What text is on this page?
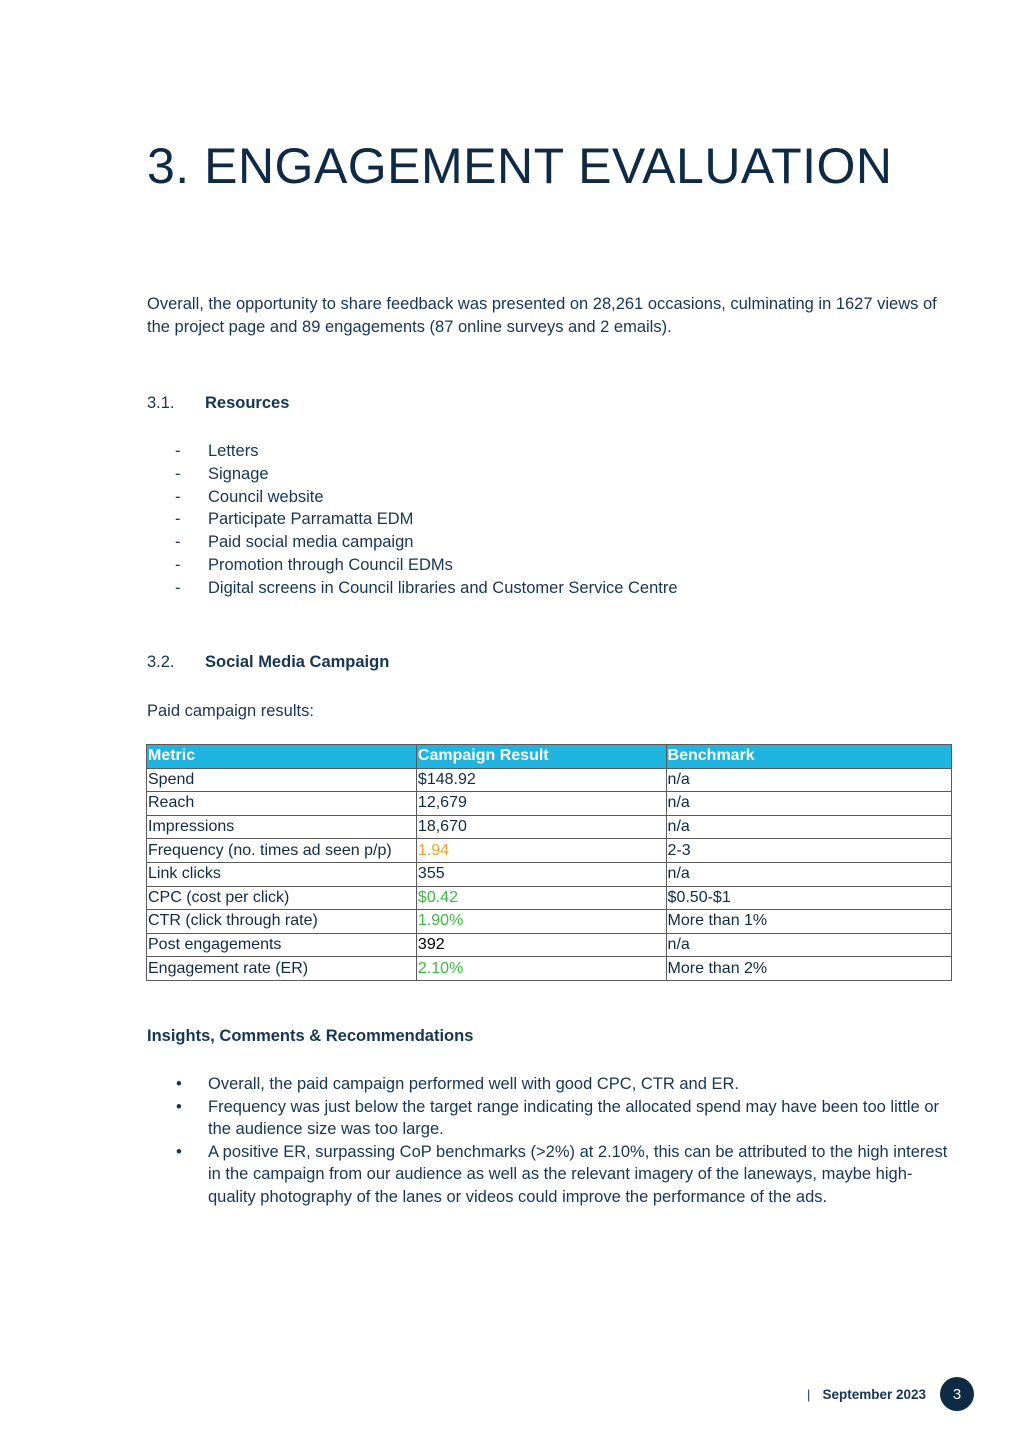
3. ENGAGEMENT EVALUATION

Overall, the opportunity to share feedback was presented on 28,261 occasions, culminating in 1627 views of the project page and 89 engagements (87 online surveys and 2 emails).

3.1. Resources
- Letters
- Signage
- Council website
- Participate Parramatta EDM
- Paid social media campaign
- Promotion through Council EDMs
- Digital screens in Council libraries and Customer Service Centre
3.2. Social Media Campaign

Paid campaign results:

Metric	Campaign Result	Benchmark
Spend	$148.92	n/a
Reach	12,679	n/a
Impressions	18,670	n/a
Frequency (no. times ad seen p/p)	1.94	2-3
Link clicks	355	n/a
CPC (cost per click)	$0.42	$0.50-$1
CTR (click through rate)	1.90%	More than 1%
Post engagements	392	n/a
Engagement rate (ER)	2.10%	More than 2%
Insights, Comments & Recommendations
• Overall, the paid campaign performed well with good CPC, CTR and ER.
• Frequency was just below the target range indicating the allocated spend may have been too little or the audience size was too large.
• A positive ER, surpassing CoP benchmarks (>2%) at 2.10%, this can be attributed to the high interest in the campaign from our audience as well as the relevant imagery of the laneways, maybe high-quality photography of the lanes or videos could improve the performance of the ads.
| September 2023	3
